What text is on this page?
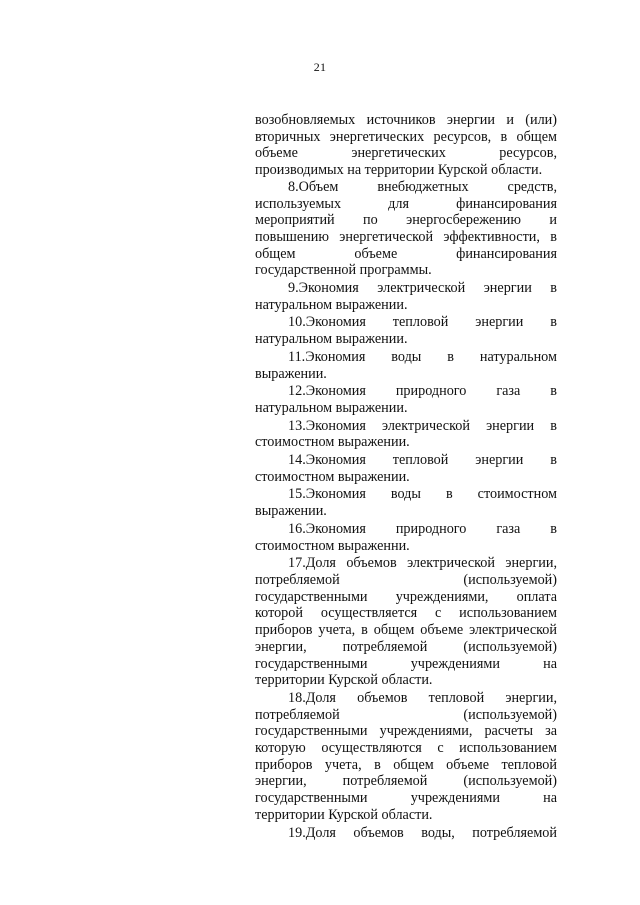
21
возобновляемых источников энергии и (или)
вторичных энергетических ресурсов, в общем
объеме энергетических ресурсов,
производимых на территории Курской области.
8.Объем внебюджетных средств,
используемых для финансирования
мероприятий по энергосбережению и
повышению энергетической эффективности, в
общем объеме финансирования
государственной программы.
9.Экономия электрической энергии в
натуральном выражении.
10.Экономия тепловой энергии в
натуральном выражении.
11.Экономия воды в натуральном
выражении.
12.Экономия природного газа в
натуральном выражении.
13.Экономия электрической энергии в
стоимостном выражении.
14.Экономия тепловой энергии в
стоимостном выражении.
15.Экономия воды в стоимостном
выражении.
16.Экономия природного газа в
стоимостном выраженни.
17.Доля объемов электрической энергии,
потребляемой (используемой)
государственными учреждениями, оплата
которой осуществляется с использованием
приборов учета, в общем объеме электрической
энергии, потребляемой (используемой)
государственными учреждениями на
территории Курской области.
18.Доля объемов тепловой энергии,
потребляемой (используемой)
государственными учреждениями, расчеты за
которую осуществляются с использованием
приборов учета, в общем объеме тепловой
энергии, потребляемой (используемой)
государственными учреждениями на
территории Курской области.
19.Доля объемов воды, потребляемой
